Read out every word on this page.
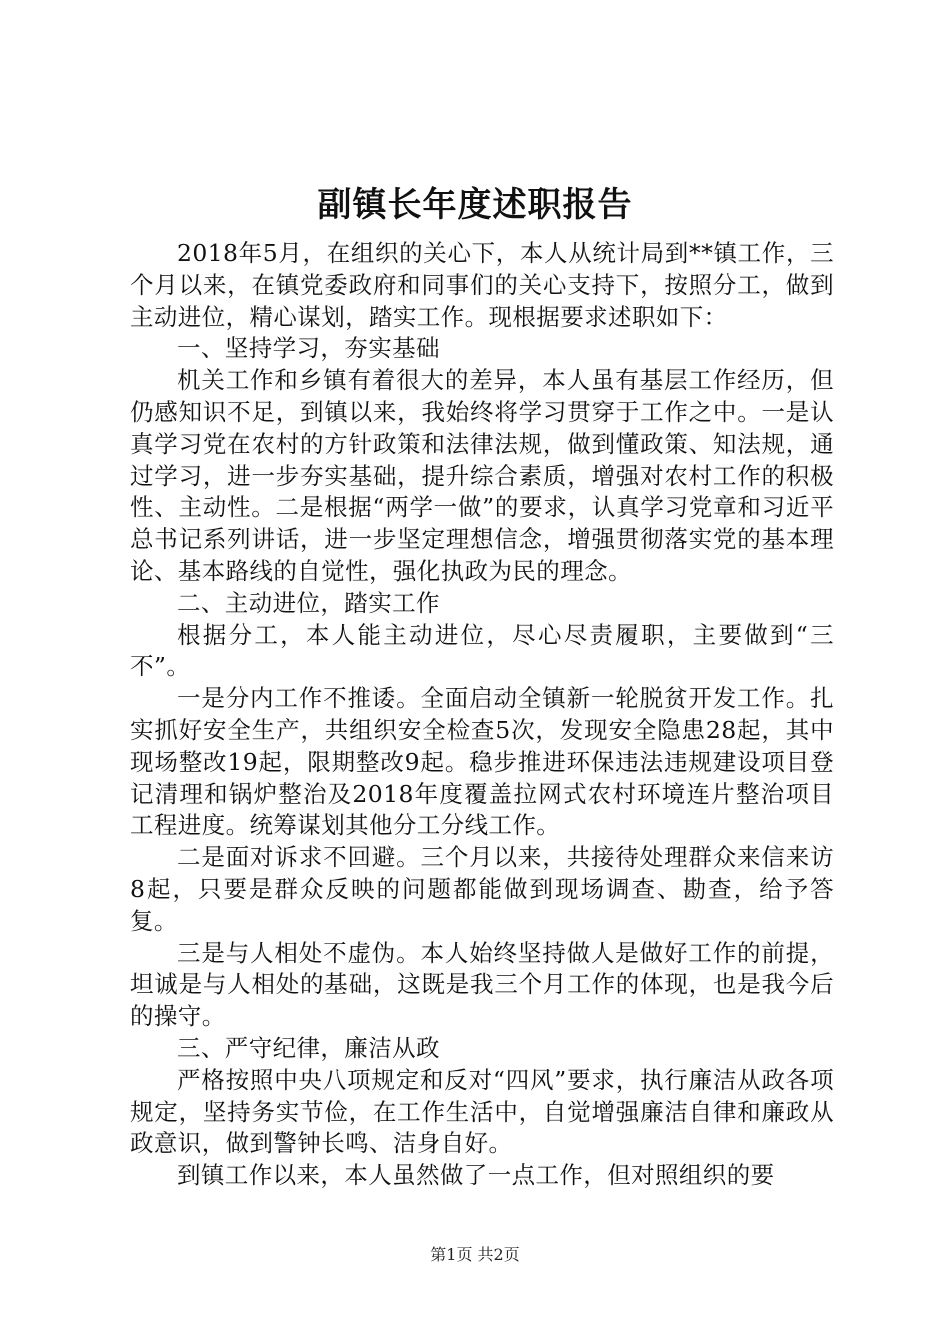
副镇长年度述职报告

2018年5月，在组织的关心下，本人从统计局到**镇工作，三个月以来，在镇党委政府和同事们的关心支持下，按照分工，做到主动进位，精心谋划，踏实工作。现根据要求述职如下：

一、坚持学习，夯实基础

机关工作和乡镇有着很大的差异，本人虽有基层工作经历，但仍感知识不足，到镇以来，我始终将学习贯穿于工作之中。一是认真学习党在农村的方针政策和法律法规，做到懂政策、知法规，通过学习，进一步夯实基础，提升综合素质，增强对农村工作的积极性、主动性。二是根据“两学一做”的要求，认真学习党章和习近平总书记系列讲话，进一步坚定理想信念，增强贯彻落实党的基本理论、基本路线的自觉性，强化执政为民的理念。

二、主动进位，踏实工作

根据分工，本人能主动进位，尽心尽责履职，主要做到“三不”。

一是分内工作不推诿。全面启动全镇新一轮脱贫开发工作。扎实抓好安全生产，共组织安全检查5次，发现安全隐患28起，其中现场整改19起，限期整改9起。稳步推进环保违法违规建设项目登记清理和锅炉整治及2018年度覆盖拉网式农村环境连片整治项目工程进度。统筹谋划其他分工分线工作。

二是面对诉求不回避。三个月以来，共接待处理群众来信来访8起，只要是群众反映的问题都能做到现场调查、勘查，给予答复。

三是与人相处不虚伪。本人始终坚持做人是做好工作的前提，坦诚是与人相处的基础，这既是我三个月工作的体现，也是我今后的操守。

三、严守纪律，廉洁从政

严格按照中央八项规定和反对“四风”要求，执行廉洁从政各项规定，坚持务实节俭，在工作生活中，自觉增强廉洁自律和廉政从政意识，做到警钟长鸣、洁身自好。

到镇工作以来，本人虽然做了一点工作，但对照组织的要

第1页 共2页
